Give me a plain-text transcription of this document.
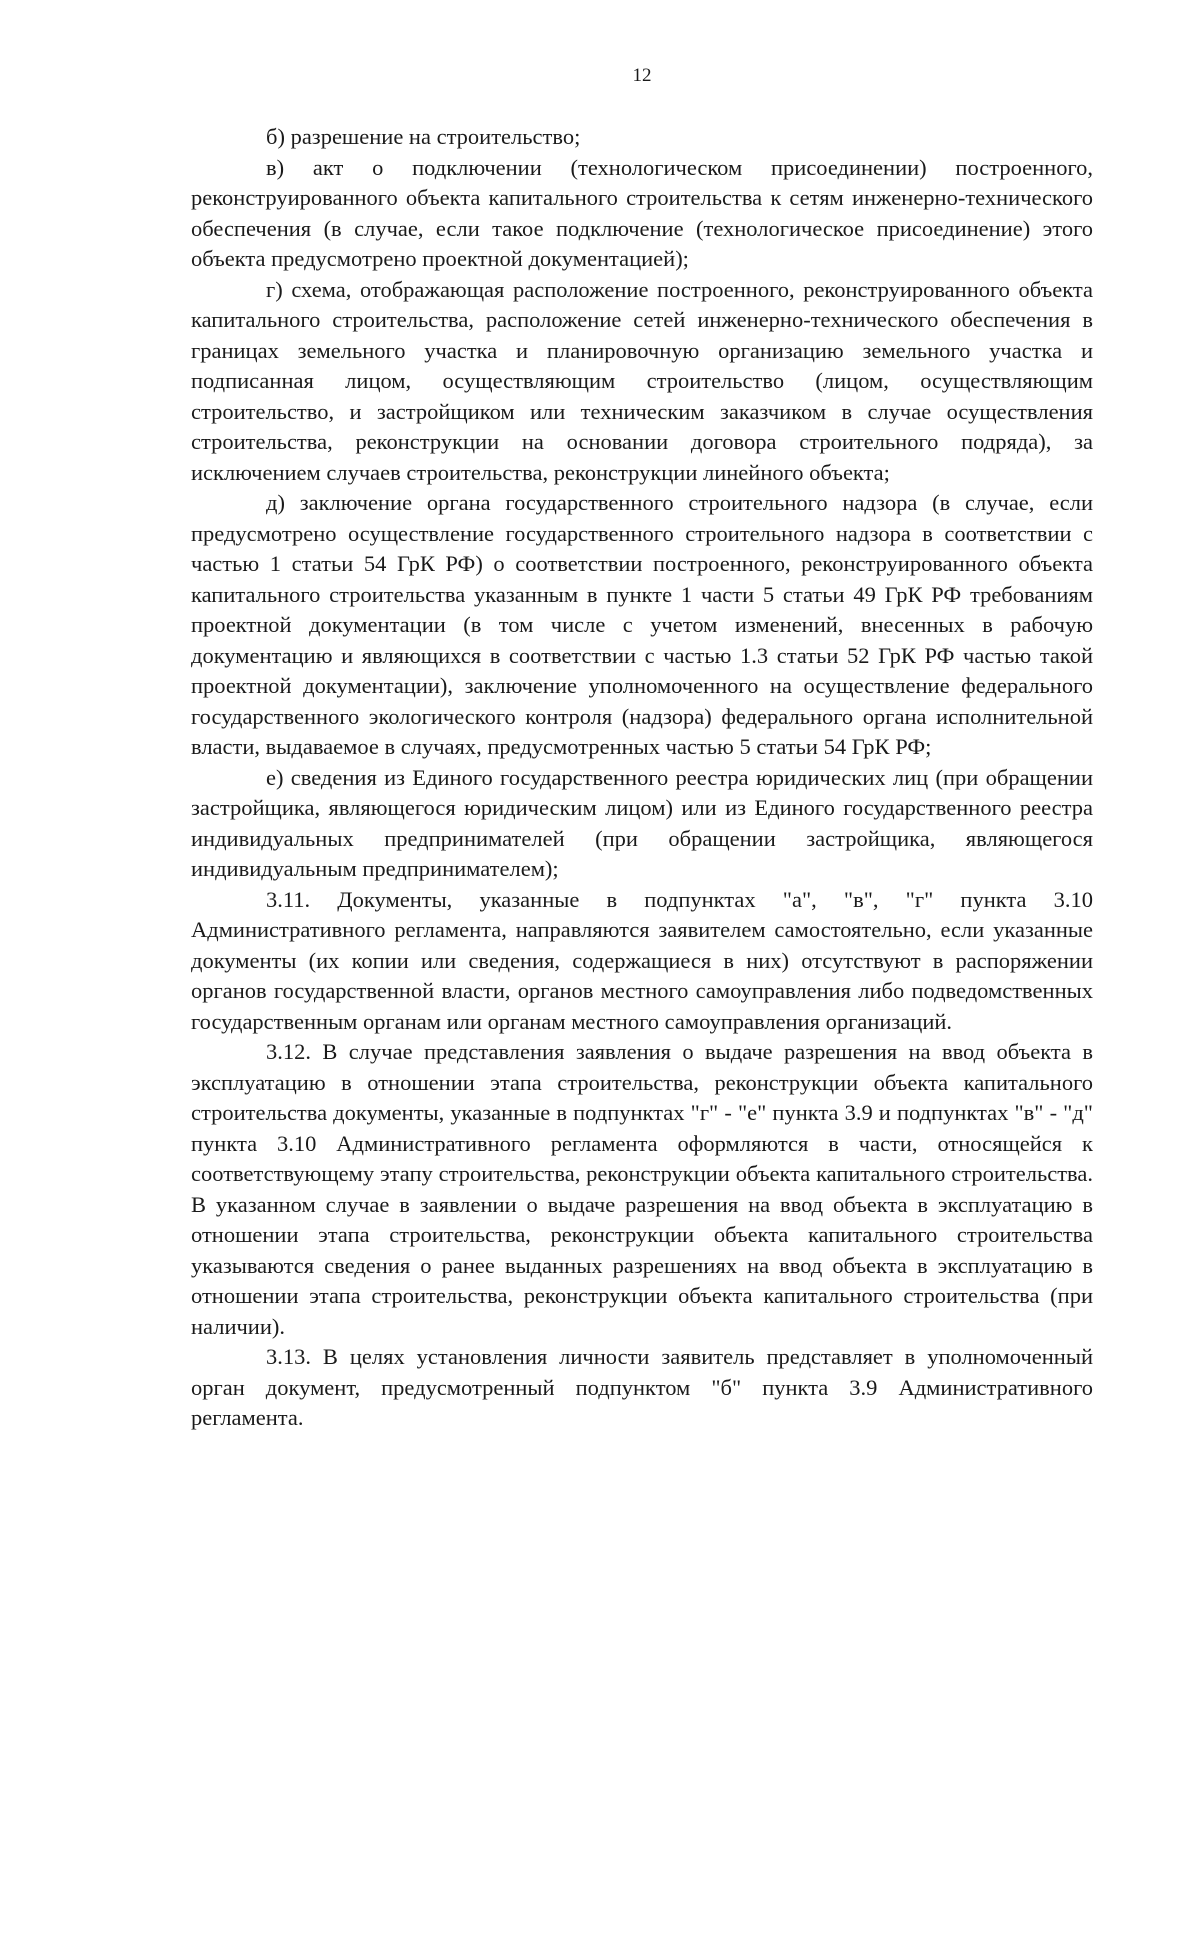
12

б) разрешение на строительство;

в) акт о подключении (технологическом присоединении) построенного, реконструированного объекта капитального строительства к сетям инженерно-технического обеспечения (в случае, если такое подключение (технологическое присоединение) этого объекта предусмотрено проектной документацией);

г) схема, отображающая расположение построенного, реконструированного объекта капитального строительства, расположение сетей инженерно-технического обеспечения в границах земельного участка и планировочную организацию земельного участка и подписанная лицом, осуществляющим строительство (лицом, осуществляющим строительство, и застройщиком или техническим заказчиком в случае осуществления строительства, реконструкции на основании договора строительного подряда), за исключением случаев строительства, реконструкции линейного объекта;

д) заключение органа государственного строительного надзора (в случае, если предусмотрено осуществление государственного строительного надзора в соответствии с частью 1 статьи 54 ГрК РФ) о соответствии построенного, реконструированного объекта капитального строительства указанным в пункте 1 части 5 статьи 49 ГрК РФ требованиям проектной документации (в том числе с учетом изменений, внесенных в рабочую документацию и являющихся в соответствии с частью 1.3 статьи 52 ГрК РФ частью такой проектной документации), заключение уполномоченного на осуществление федерального государственного экологического контроля (надзора) федерального органа исполнительной власти, выдаваемое в случаях, предусмотренных частью 5 статьи 54 ГрК РФ;

е) сведения из Единого государственного реестра юридических лиц (при обращении застройщика, являющегося юридическим лицом) или из Единого государственного реестра индивидуальных предпринимателей (при обращении застройщика, являющегося индивидуальным предпринимателем);

3.11. Документы, указанные в подпунктах "а", "в", "г" пункта 3.10 Административного регламента, направляются заявителем самостоятельно, если указанные документы (их копии или сведения, содержащиеся в них) отсутствуют в распоряжении органов государственной власти, органов местного самоуправления либо подведомственных государственным органам или органам местного самоуправления организаций.

3.12. В случае представления заявления о выдаче разрешения на ввод объекта в эксплуатацию в отношении этапа строительства, реконструкции объекта капитального строительства документы, указанные в подпунктах "г" - "е" пункта 3.9 и подпунктах "в" - "д" пункта 3.10 Административного регламента оформляются в части, относящейся к соответствующему этапу строительства, реконструкции объекта капитального строительства. В указанном случае в заявлении о выдаче разрешения на ввод объекта в эксплуатацию в отношении этапа строительства, реконструкции объекта капитального строительства указываются сведения о ранее выданных разрешениях на ввод объекта в эксплуатацию в отношении этапа строительства, реконструкции объекта капитального строительства (при наличии).

3.13. В целях установления личности заявитель представляет в уполномоченный орган документ, предусмотренный подпунктом "б" пункта 3.9 Административного регламента.
